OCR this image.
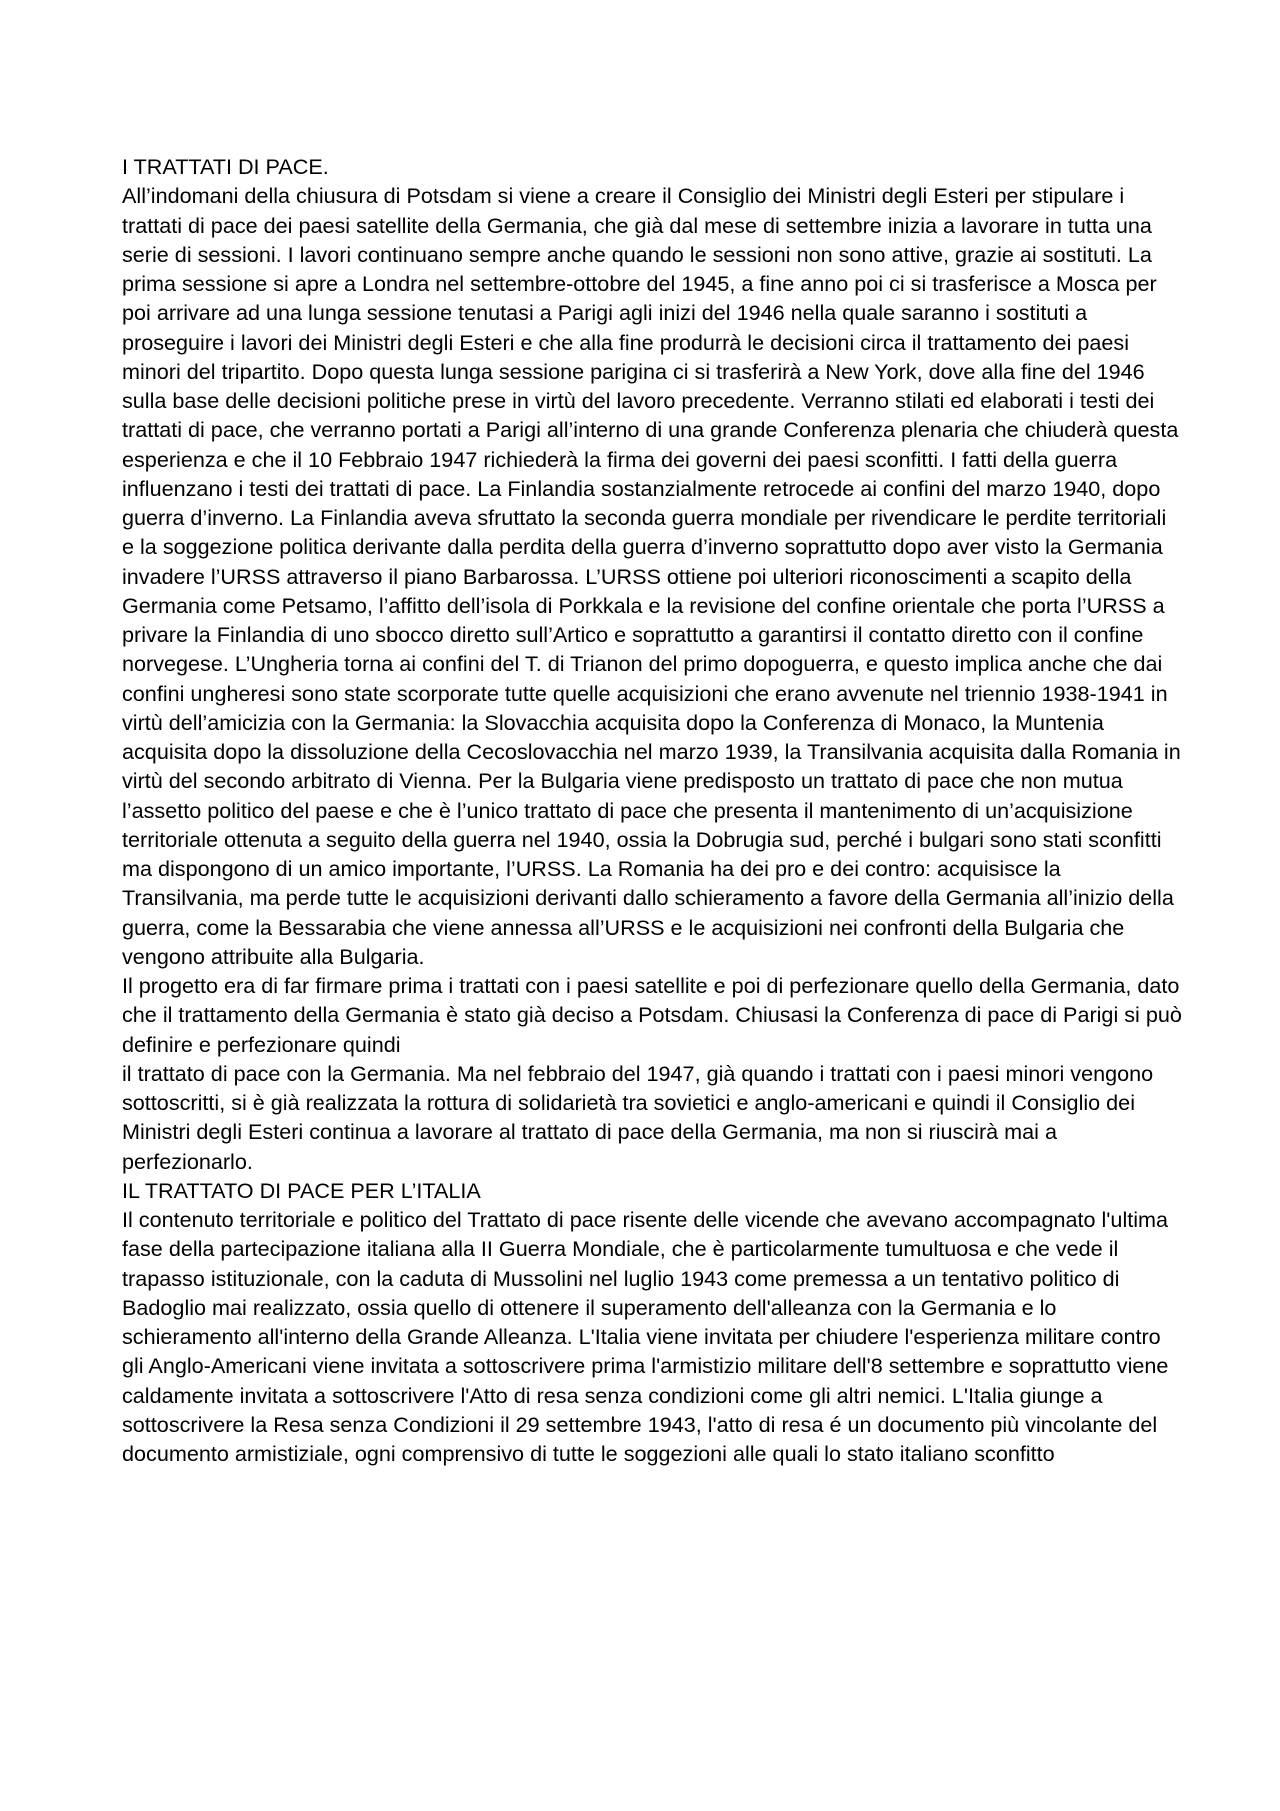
I TRATTATI DI PACE.

All’indomani della chiusura di Potsdam si viene a creare il Consiglio dei Ministri degli Esteri per stipulare i trattati di pace dei paesi satellite della Germania, che già dal mese di settembre inizia a lavorare in tutta una serie di sessioni. I lavori continuano sempre anche quando le sessioni non sono attive, grazie ai sostituti. La prima sessione si apre a Londra nel settembre-ottobre del 1945, a fine anno poi ci si trasferisce a Mosca per poi arrivare ad una lunga sessione tenutasi a Parigi agli inizi del 1946 nella quale saranno i sostituti a proseguire i lavori dei Ministri degli Esteri e che alla fine produrrà le decisioni circa il trattamento dei paesi minori del tripartito. Dopo questa lunga sessione parigina ci si trasferirà a New York, dove alla fine del 1946 sulla base delle decisioni politiche prese in virtù del lavoro precedente. Verranno stilati ed elaborati i testi dei trattati di pace, che verranno portati a Parigi all’interno di una grande Conferenza plenaria che chiuderà questa esperienza e che il 10 Febbraio 1947 richiederà la firma dei governi dei paesi sconfitti. I fatti della guerra influenzano i testi dei trattati di pace. La Finlandia sostanzialmente retrocede ai confini del marzo 1940, dopo guerra d’inverno. La Finlandia aveva sfruttato la seconda guerra mondiale per rivendicare le perdite territoriali e la soggezione politica derivante dalla perdita della guerra d’inverno soprattutto dopo aver visto la Germania invadere l’URSS attraverso il piano Barbarossa. L’URSS ottiene poi ulteriori riconoscimenti a scapito della Germania come Petsamo, l’affitto dell’isola di Porkkala e la revisione del confine orientale che porta l’URSS a privare la Finlandia di uno sbocco diretto sull’Artico e soprattutto a garantirsi il contatto diretto con il confine norvegese. L’Ungheria torna ai confini del T. di Trianon del primo dopoguerra, e questo implica anche che dai confini ungheresi sono state scorporate tutte quelle acquisizioni che erano avvenute nel triennio 1938-1941 in virtù dell’amicizia con la Germania: la Slovacchia acquisita dopo la Conferenza di Monaco, la Muntenia acquisita dopo la dissoluzione della Cecoslovacchia nel marzo 1939, la Transilvania acquisita dalla Romania in virtù del secondo arbitrato di Vienna. Per la Bulgaria viene predisposto un trattato di pace che non mutua l’assetto politico del paese e che è l’unico trattato di pace che presenta il mantenimento di un’acquisizione territoriale ottenuta a seguito della guerra nel 1940, ossia la Dobrugia sud, perché i bulgari sono stati sconfitti ma dispongono di un amico importante, l’URSS. La Romania ha dei pro e dei contro: acquisisce la Transilvania, ma perde tutte le acquisizioni derivanti dallo schieramento a favore della Germania all’inizio della guerra, come la Bessarabia che viene annessa all’URSS e le acquisizioni nei confronti della Bulgaria che vengono attribuite alla Bulgaria.

Il progetto era di far firmare prima i trattati con i paesi satellite e poi di perfezionare quello della Germania, dato che il trattamento della Germania è stato già deciso a Potsdam. Chiusasi la Conferenza di pace di Parigi si può definire e perfezionare quindi

il trattato di pace con la Germania. Ma nel febbraio del 1947, già quando i trattati con i paesi minori vengono sottoscritti, si è già realizzata la rottura di solidarietà tra sovietici e anglo-americani e quindi il Consiglio dei Ministri degli Esteri continua a lavorare al trattato di pace della Germania, ma non si riuscirà mai a perfezionarlo.

IL TRATTATO DI PACE PER L’ITALIA

Il contenuto territoriale e politico del Trattato di pace risente delle vicende che avevano accompagnato l'ultima fase della partecipazione italiana alla II Guerra Mondiale, che è particolarmente tumultuosa e che vede il trapasso istituzionale, con la caduta di Mussolini nel luglio 1943 come premessa a un tentativo politico di Badoglio mai realizzato, ossia quello di ottenere il superamento dell'alleanza con la Germania e lo schieramento all'interno della Grande Alleanza. L'Italia viene invitata per chiudere l'esperienza militare contro gli Anglo-Americani viene invitata a sottoscrivere prima l'armistizio militare dell'8 settembre e soprattutto viene caldamente invitata a sottoscrivere l'Atto di resa senza condizioni come gli altri nemici. L'Italia giunge a sottoscrivere la Resa senza Condizioni il 29 settembre 1943, l'atto di resa é un documento più vincolante del documento armistiziale, ogni comprensivo di tutte le soggezioni alle quali lo stato italiano sconfitto
